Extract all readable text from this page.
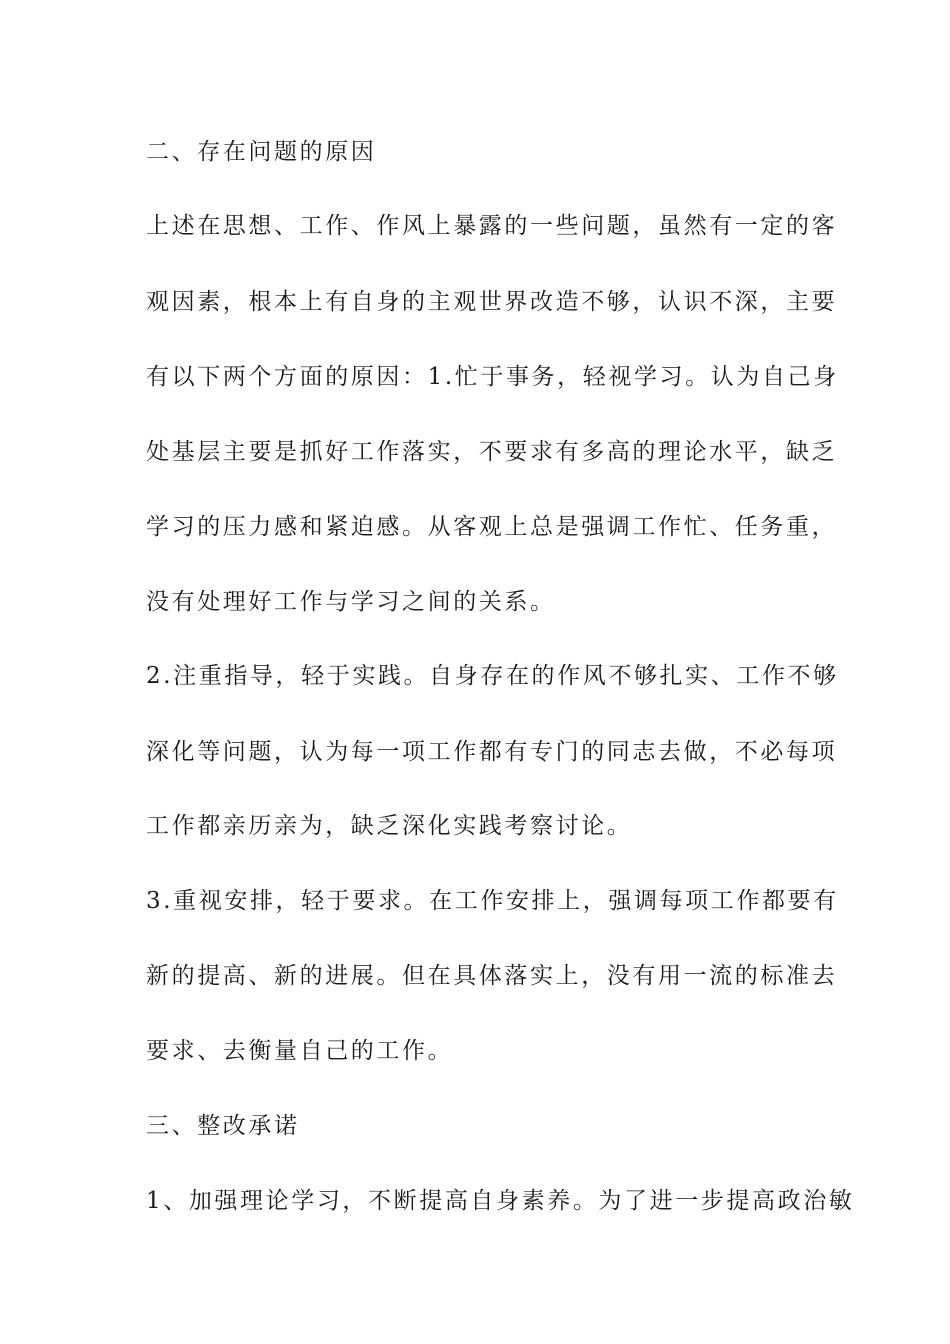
二、存在问题的原因
上述在思想、工作、作风上暴露的一些问题，虽然有一定的客
观因素，根本上有自身的主观世界改造不够，认识不深，主要
有以下两个方面的原因：1.忙于事务，轻视学习。认为自己身
处基层主要是抓好工作落实，不要求有多高的理论水平，缺乏
学习的压力感和紧迫感。从客观上总是强调工作忙、任务重，
没有处理好工作与学习之间的关系。
2.注重指导，轻于实践。自身存在的作风不够扎实、工作不够
深化等问题，认为每一项工作都有专门的同志去做，不必每项
工作都亲历亲为，缺乏深化实践考察讨论。
3.重视安排，轻于要求。在工作安排上，强调每项工作都要有
新的提高、新的进展。但在具体落实上，没有用一流的标准去
要求、去衡量自己的工作。
三、整改承诺
1、加强理论学习，不断提高自身素养。为了进一步提高政治敏
